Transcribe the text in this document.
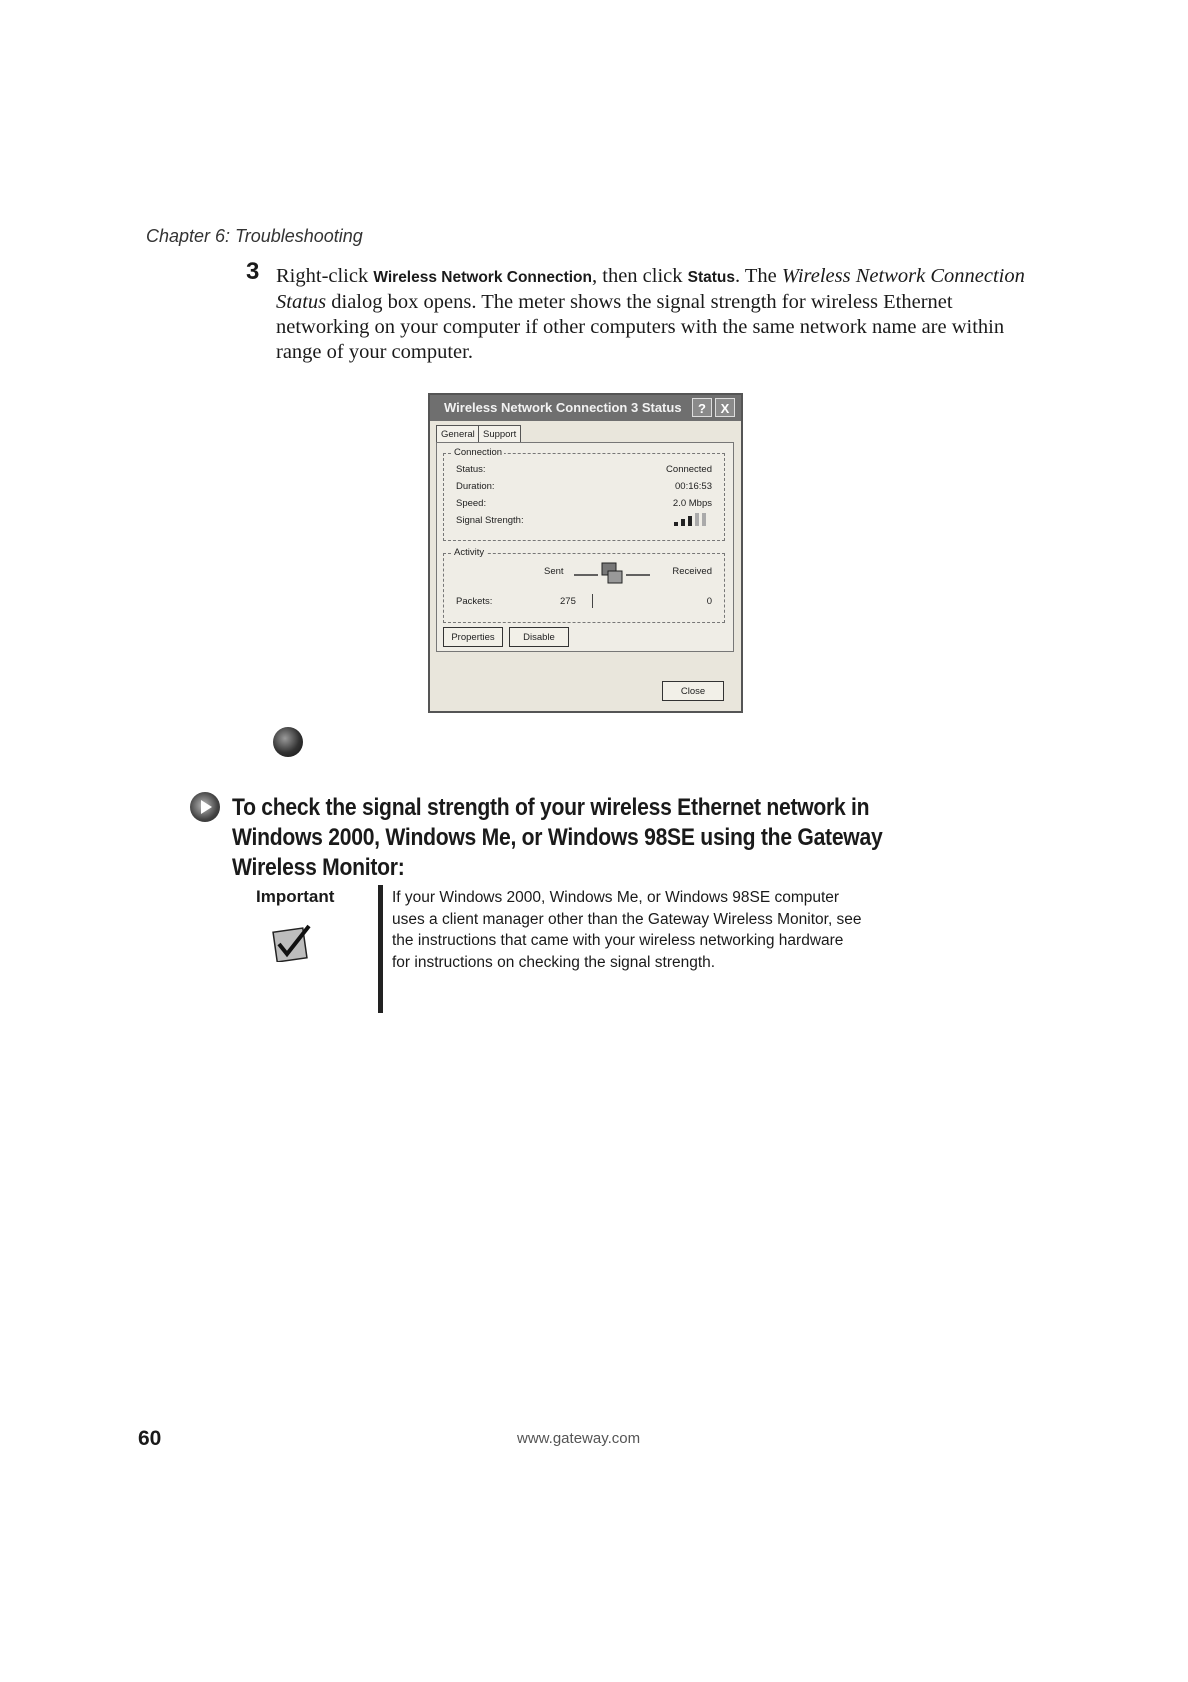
Chapter 6: Troubleshooting
3 Right-click Wireless Network Connection, then click Status. The Wireless Network Connection Status dialog box opens. The meter shows the signal strength for wireless Ethernet networking on your computer if other computers with the same network name are within range of your computer.
Wireless Network Connection 3 Status	?	X
General Support
Connection
Status:	Connected
Duration:	00:16:53
Speed:	2.0 Mbps
Signal Strength:
Activity
Sent	Received
Packets:	275	0
Properties	Disable
Close
To check the signal strength of your wireless Ethernet network in Windows 2000, Windows Me, or Windows 98SE using the Gateway Wireless Monitor:
Important	If your Windows 2000, Windows Me, or Windows 98SE computer uses a client manager other than the Gateway Wireless Monitor, see the instructions that came with your wireless networking hardware for instructions on checking the signal strength.
60	www.gateway.com
